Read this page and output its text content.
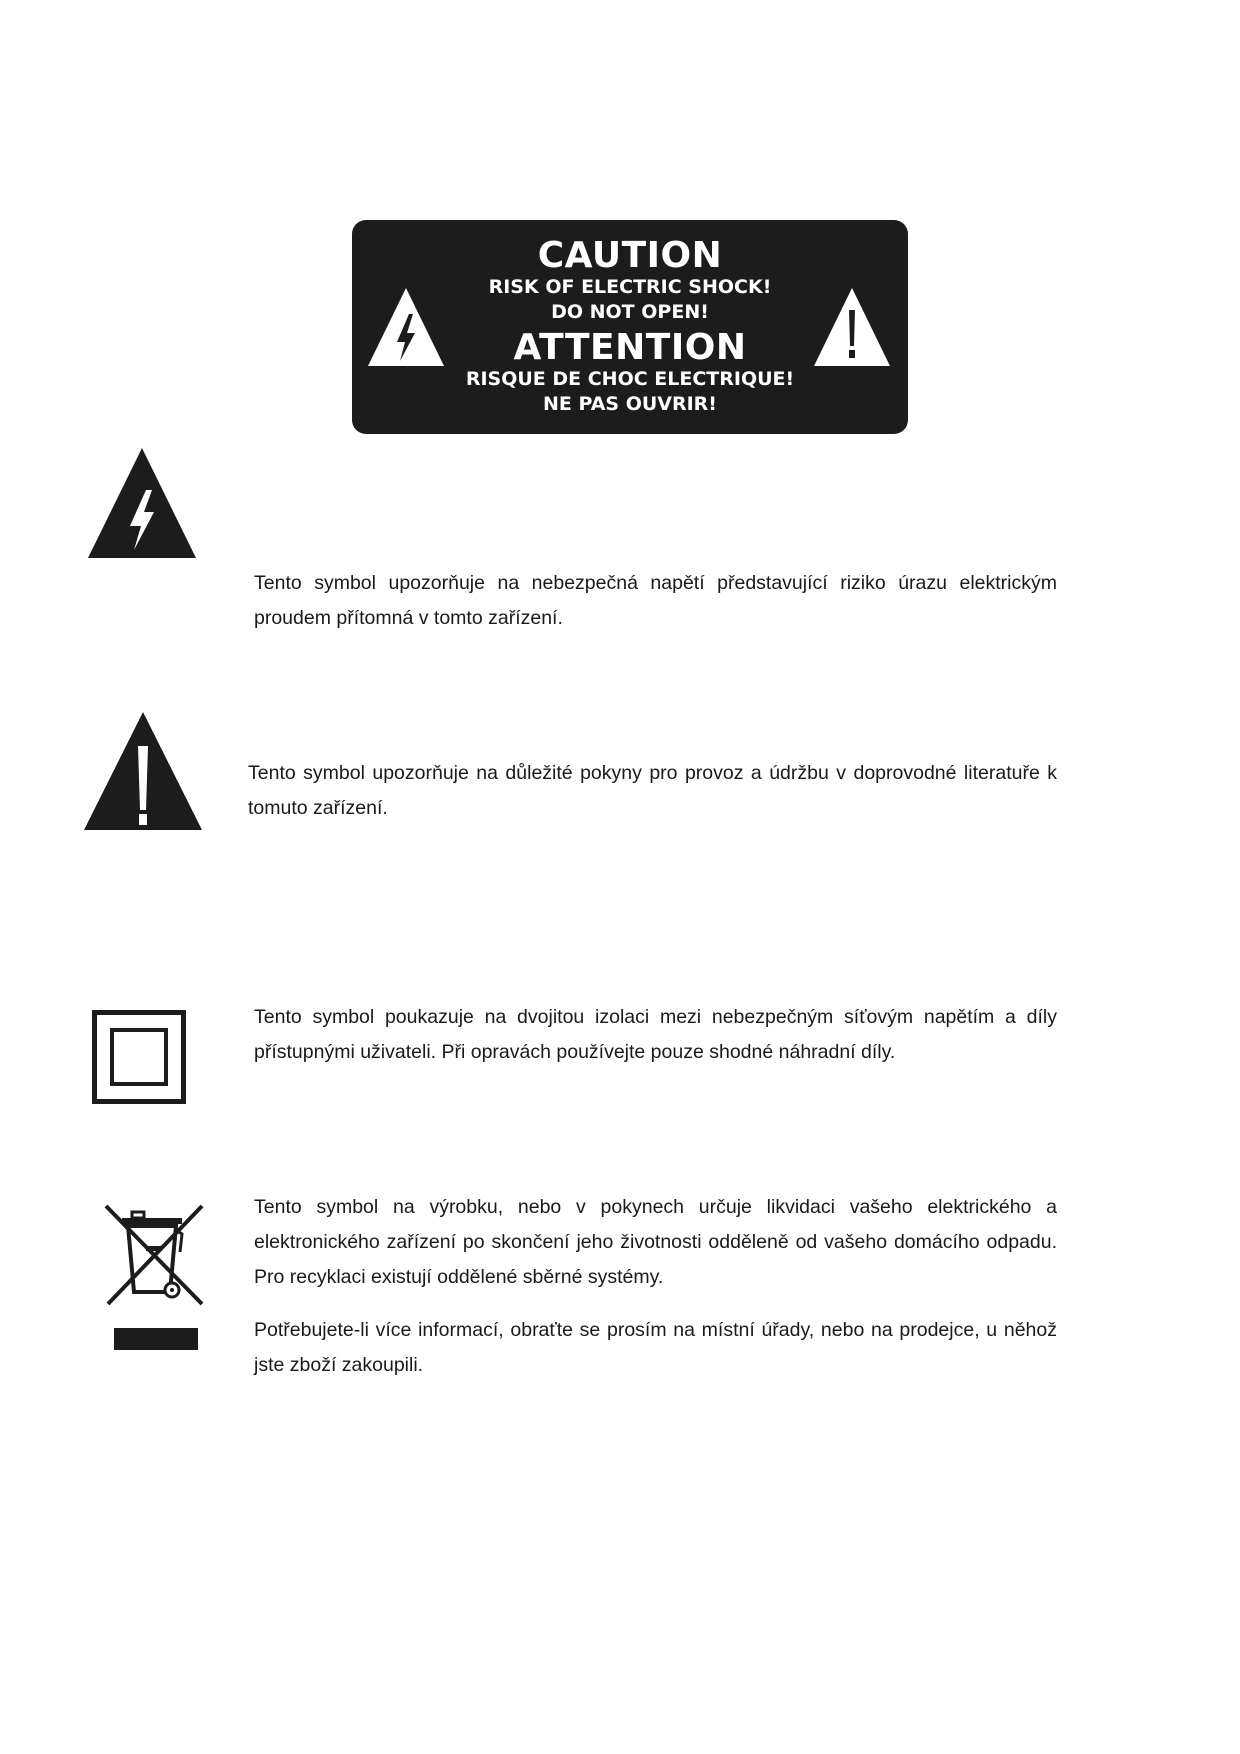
CAUTION
RISK OF ELECTRIC SHOCK!
DO NOT OPEN!
ATTENTION
RISQUE DE CHOC ELECTRIQUE!
NE PAS OUVRIR!

Tento symbol upozorňuje na nebezpečná napětí představující riziko úrazu elektrickým proudem přítomná v tomto zařízení.

Tento symbol upozorňuje na důležité pokyny pro provoz a údržbu v doprovodné literatuře k tomuto zařízení.

Tento symbol poukazuje na dvojitou izolaci mezi nebezpečným síťovým napětím a díly přístupnými uživateli. Při opravách používejte pouze shodné náhradní díly.

Tento symbol na výrobku, nebo v pokynech určuje likvidaci vašeho elektrického a elektronického zařízení po skončení jeho životnosti odděleně od vašeho domácího odpadu. Pro recyklaci existují oddělené sběrné systémy.

Potřebujete-li více informací, obraťte se prosím na místní úřady, nebo na prodejce, u něhož jste zboží zakoupili.
